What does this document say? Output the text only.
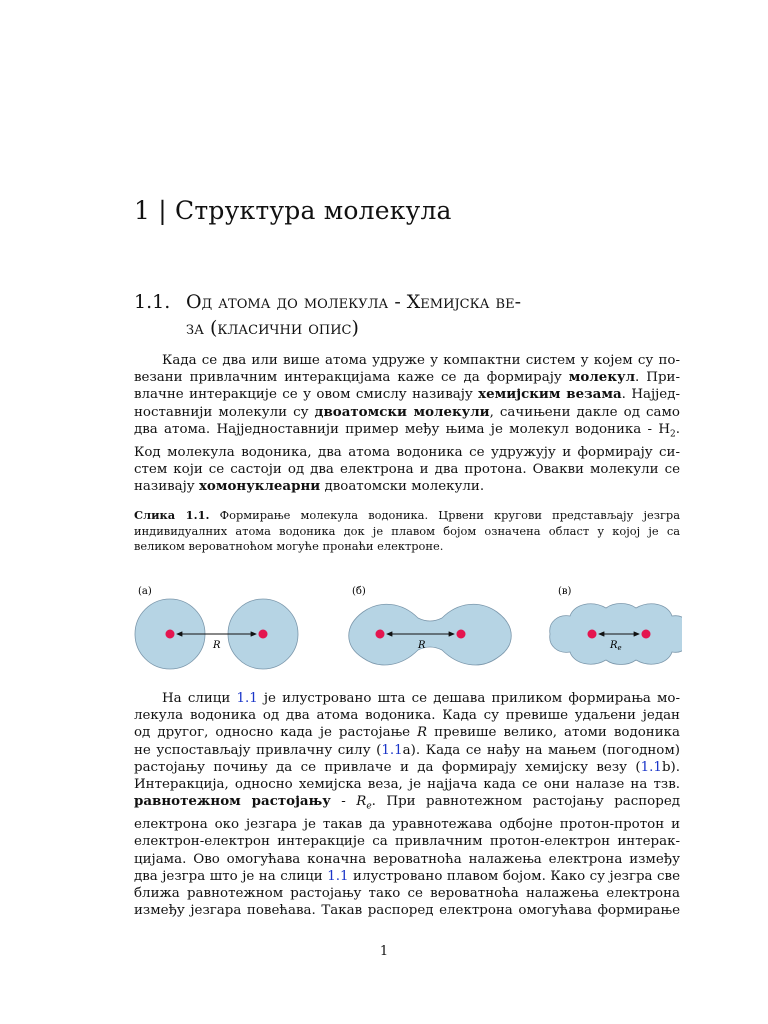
1 | Структура молекула
1.1. Од атома до молекула - Хемијска ве-
за (класични опис)
Када се два или више атома удруже у компактни систем у којем су по-
везани привлачним интеракцијама каже се да формирају молекул. При-
влачне интеракције се у овом смислу називају хемијским везама. Најјед-
ноставнији молекули су двоатомски молекули, сачињени дакле од само
два атома. Најједноставнији пример међу њима је молекул водоника - $H_2$.
Код молекула водоника, два атома водоника се удружују и формирају си-
стем који се састоји од два електрона и два протона. Овакви молекули се
називају хомонуклеарни двоатомски молекули.
Слика 1.1. Формирање молекула водоника. Црвени кругови представљају језгра
индивидуалних атома водоника док је плавом бојом означена област у којој је са
великом вероватноћом могуће пронаћи електроне.
(а)
R
(б)
R
(в)
$R_e$
На слици 1.1 је илустровано шта се дешава приликом формирања мо-
лекула водоника од два атома водоника. Када су превише удаљени један
од другог, односно када је растојање R превише велико, атоми водоника
не успостављају привлачну силу (1.1а). Када се нађу на мањем (погодном)
растојању почињу да се привлаче и да формирају хемијску везу (1.1b).
Интеракција, односно хемијска веза, је најјача када се они налазе на тзв.
равнотежном растојању - $R_e$. При равнотежном растојању распоред
електрона око језгара је такав да уравнотежава одбојне протон-протон и
електрон-електрон интеракције са привлачним протон-електрон интерак-
цијама. Ово омогућава коначна вероватноћа налажења електрона између
два језгра што је на слици 1.1 илустровано плавом бојом. Како су језгра све
ближа равнотежном растојању тако се вероватноћа налажења електрона
између језгара повећава. Такав распоред електрона омогућава формирање
1
